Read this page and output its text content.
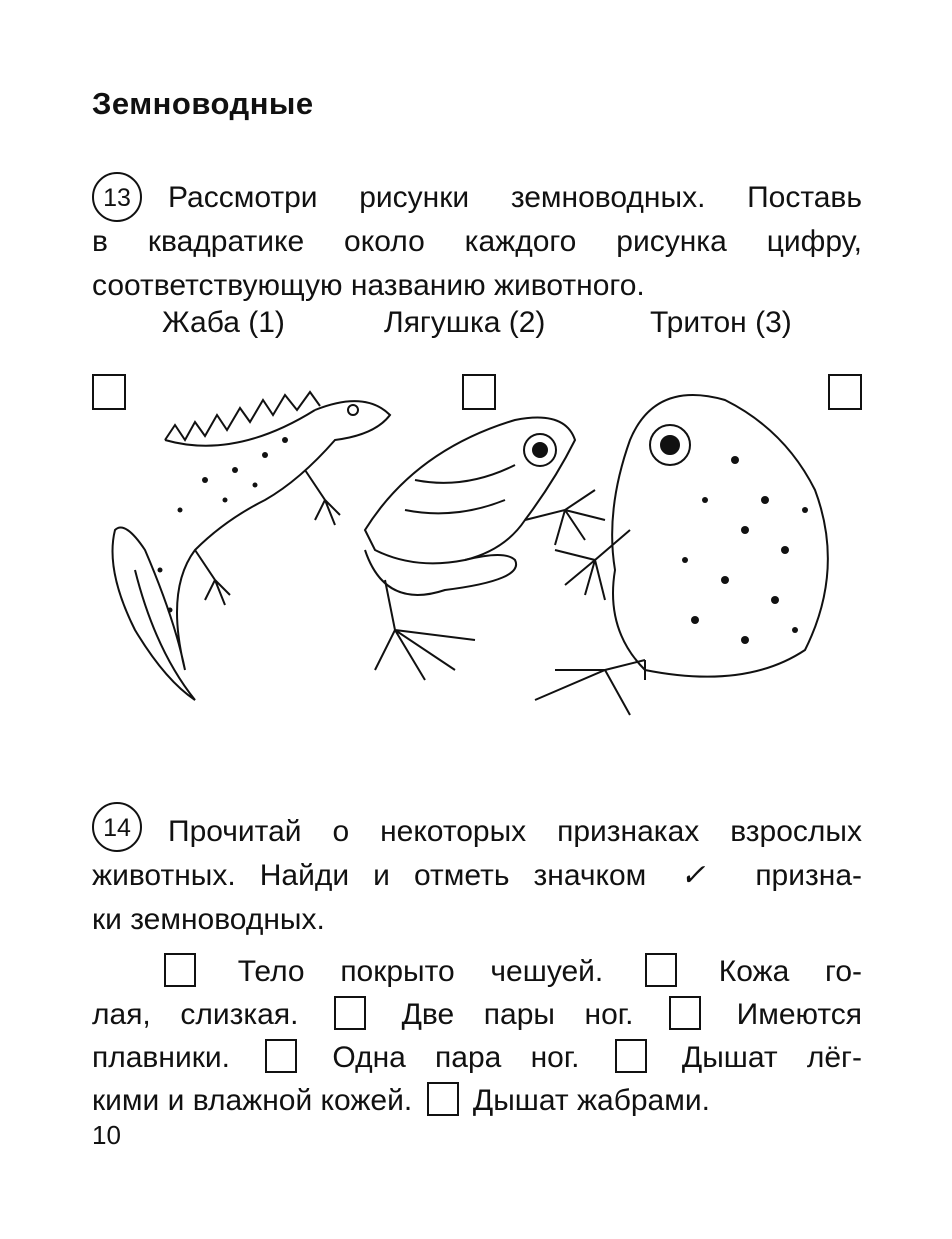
Земноводные
13	Рассмотри рисунки земноводных. Поставь
в квадратике около каждого рисунка цифру,
соответствующую названию животного.
Жаба (1)	Лягушка (2)	Тритон (3)
14	Прочитай о некоторых признаках взрослых
животных. Найди и отметь значком ✓ призна-
ки земноводных.
Тело покрыто чешуей.	Кожа го-
лая, слизкая.	Две пары ног.	Имеются
плавники.	Одна пара ног.	Дышат лёг-
кими и влажной кожей. Дышат жабрами.
10
